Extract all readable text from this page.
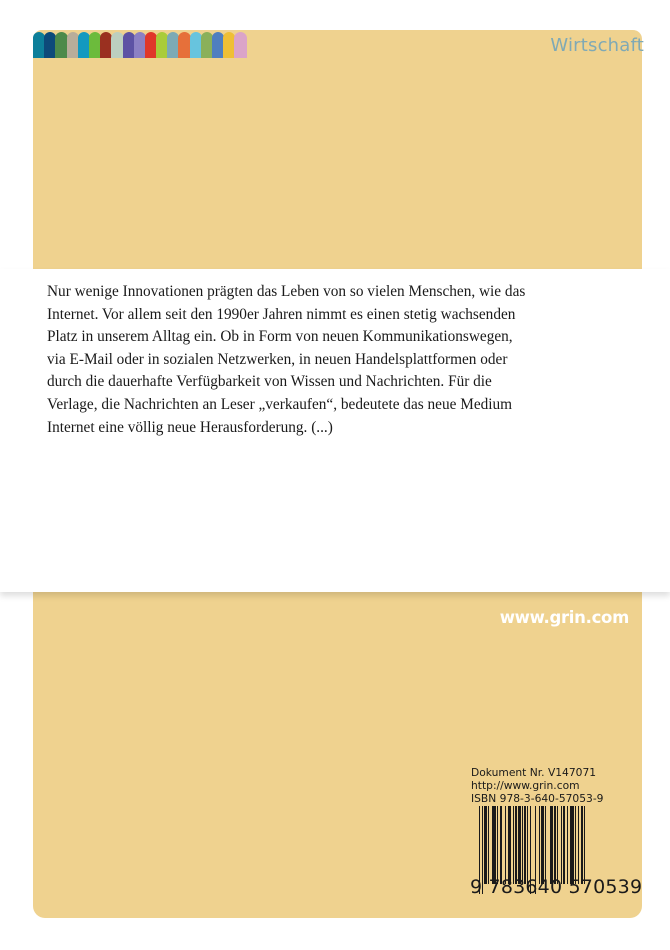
Wirtschaft

Nur wenige Innovationen prägten das Leben von so vielen Menschen, wie das
Internet. Vor allem seit den 1990er Jahren nimmt es einen stetig wachsenden
Platz in unserem Alltag ein. Ob in Form von neuen Kommunikationswegen,
via E-Mail oder in sozialen Netzwerken, in neuen Handelsplattformen oder
durch die dauerhafte Verfügbarkeit von Wissen und Nachrichten. Für die
Verlage, die Nachrichten an Leser „verkaufen“, bedeutete das neue Medium
Internet eine völlig neue Herausforderung. (...)

www.grin.com
Dokument Nr. V147071
http://www.grin.com
ISBN 978-3-640-57053-9
9 783640 570539
